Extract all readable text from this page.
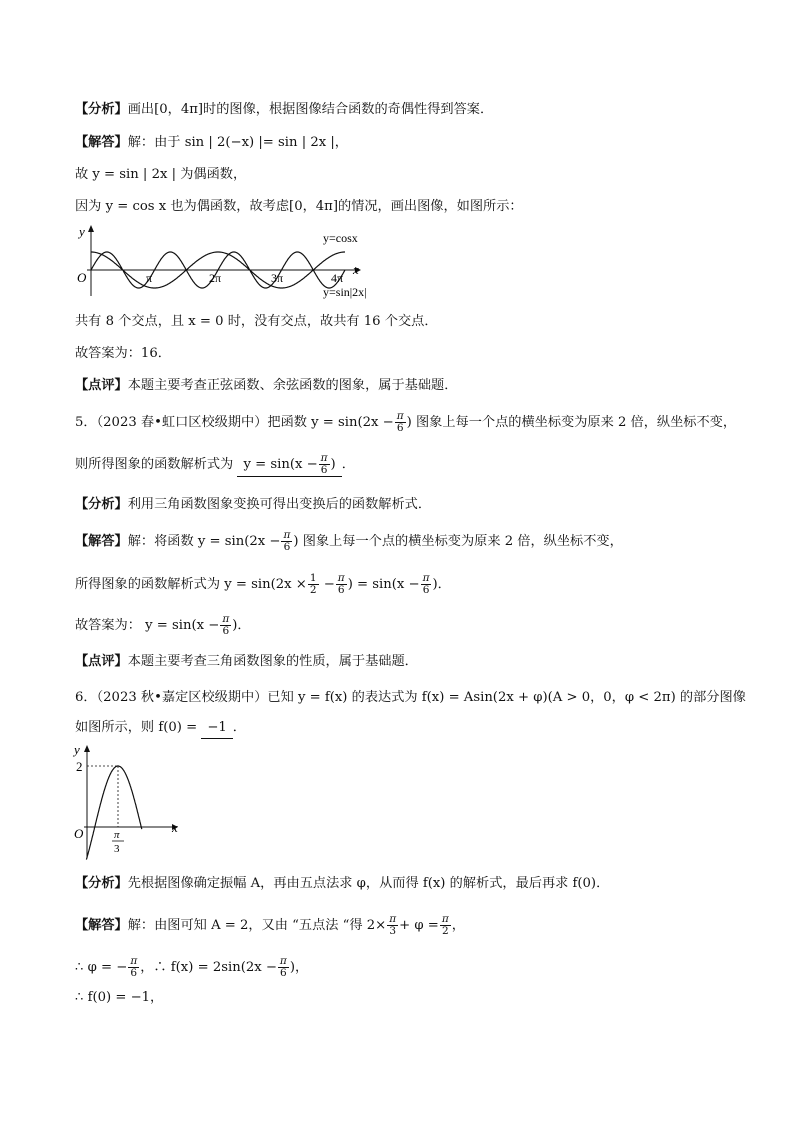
【分析】画出[0，4π]时的图像，根据图像结合函数的奇偶性得到答案．
【解答】解：由于 sin | 2(−x) |= sin | 2x |，
故 y = sin | 2x | 为偶函数，
因为 y = cos x 也为偶函数，故考虑[0，4π]的情况，画出图像，如图所示：
y
O
x
π	2π	3π	4π
y=cosx
y=sin|2x|
共有 8 个交点，且 x = 0 时，没有交点，故共有 16 个交点．
故答案为：16．
【点评】本题主要考查正弦函数、余弦函数的图象，属于基础题．
5．（2023 春•虹口区校级期中）把函数 $y = \sin(2x - \frac{\pi}{6}$ ) 图象上每一个点的横坐标变为原来 2 倍，纵坐标不变，
则所得图象的函数解析式为 $y = \sin(x - \frac{\pi}{6}$ ) ．
【分析】利用三角函数图象变换可得出变换后的函数解析式．
【解答】解：将函数 $y = \sin(2x - \frac{\pi}{6}$ ) 图象上每一个点的横坐标变为原来 2 倍，纵坐标不变，
所得图象的函数解析式为 $y = \sin(2x \times \frac{1}{2} - \frac{\pi}{6}$ ) = $\sin(x - \frac{\pi}{6}$ )．
故答案为： $y = \sin(x - \frac{\pi}{6}$ )．
【点评】本题主要考查三角函数图象的性质，属于基础题．
6．（2023 秋•嘉定区校级期中）已知 y = f(x) 的表达式为 f(x) = Asin(2x + φ)(A > 0，0，φ < 2π) 的部分图像
如图所示，则 f(0) = −1 ．
y
2
O	x
π
3
【分析】先根据图像确定振幅 A，再由五点法求 φ，从而得 f(x) 的解析式，最后再求 f(0)．
【解答】解：由图可知 A = 2，又由 “五点法 “得 $2\times \frac{\pi}{3} + \varphi = \frac{\pi}{2}$ ，
∴ φ = − $\frac{\pi}{6}$ ，∴ $f(x) = 2\sin(2x - \frac{\pi}{6}$ )，
∴ f(0) = −1，
